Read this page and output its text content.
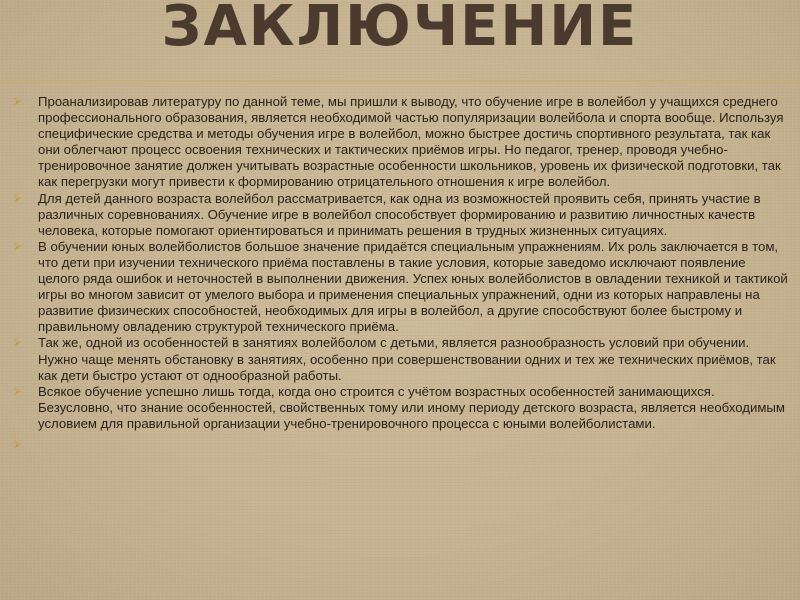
ЗАКЛЮЧЕНИЕ
⮚	Проанализировав литературу по данной теме, мы пришли к выводу, что обучение игре в волейбол у учащихся среднего профессионального образования, является необходимой частью популяризации волейбола и спорта вообще. Используя специфические средства и методы обучения игре в волейбол, можно быстрее достичь спортивного результата, так как они облегчают процесс освоения технических и тактических приёмов игры. Но педагог, тренер, проводя учебно-тренировочное занятие должен учитывать возрастные особенности школьников, уровень их физической подготовки, так как перегрузки могут привести к формированию отрицательного отношения к игре волейбол.
⮚	Для детей данного возраста волейбол рассматривается, как одна из возможностей проявить себя, принять участие в различных соревнованиях. Обучение игре в волейбол способствует формированию и развитию личностных качеств человека, которые помогают ориентироваться и принимать решения в трудных жизненных ситуациях.
⮚	В обучении юных волейболистов большое значение придаётся специальным упражнениям. Их роль заключается в том, что дети при изучении технического приёма поставлены в такие условия, которые заведомо исключают появление целого ряда ошибок и неточностей в выполнении движения. Успех юных волейболистов в овладении техникой и тактикой игры во многом зависит от умелого выбора и применения специальных упражнений, одни из которых направлены на развитие физических способностей, необходимых для игры в волейбол, а другие способствуют более быстрому и правильному овладению структурой технического приёма.
⮚	Так же, одной из особенностей в занятиях волейболом с детьми, является разнообразность условий при обучении. Нужно чаще менять обстановку в занятиях, особенно при совершенствовании одних и тех же технических приёмов, так как дети быстро устают от однообразной работы.
⮚	Всякое обучение успешно лишь тогда, когда оно строится с учётом возрастных особенностей занимающихся. Безусловно, что знание особенностей, свойственных тому или иному периоду детского возраста, является необходимым условием для правильной организации учебно-тренировочного процесса с юными волейболистами.
⮚
